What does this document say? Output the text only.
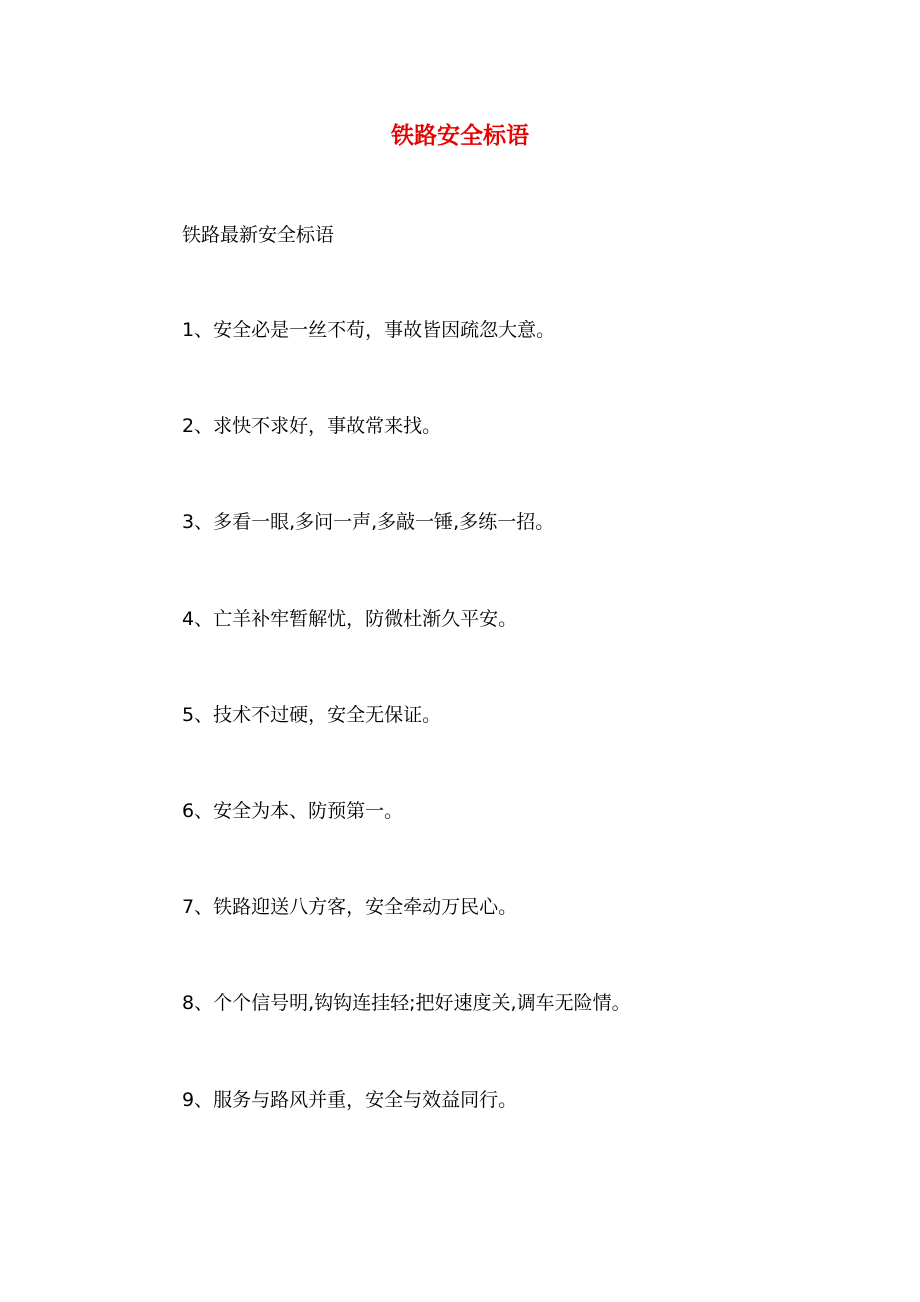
铁路安全标语
铁路最新安全标语
1、安全必是一丝不苟，事故皆因疏忽大意。
2、求快不求好，事故常来找。
3、多看一眼,多问一声,多敲一锤,多练一招。
4、亡羊补牢暂解忧，防微杜渐久平安。
5、技术不过硬，安全无保证。
6、安全为本、防预第一。
7、铁路迎送八方客，安全牵动万民心。
8、个个信号明,钩钩连挂轻;把好速度关,调车无险情。
9、服务与路风并重，安全与效益同行。
